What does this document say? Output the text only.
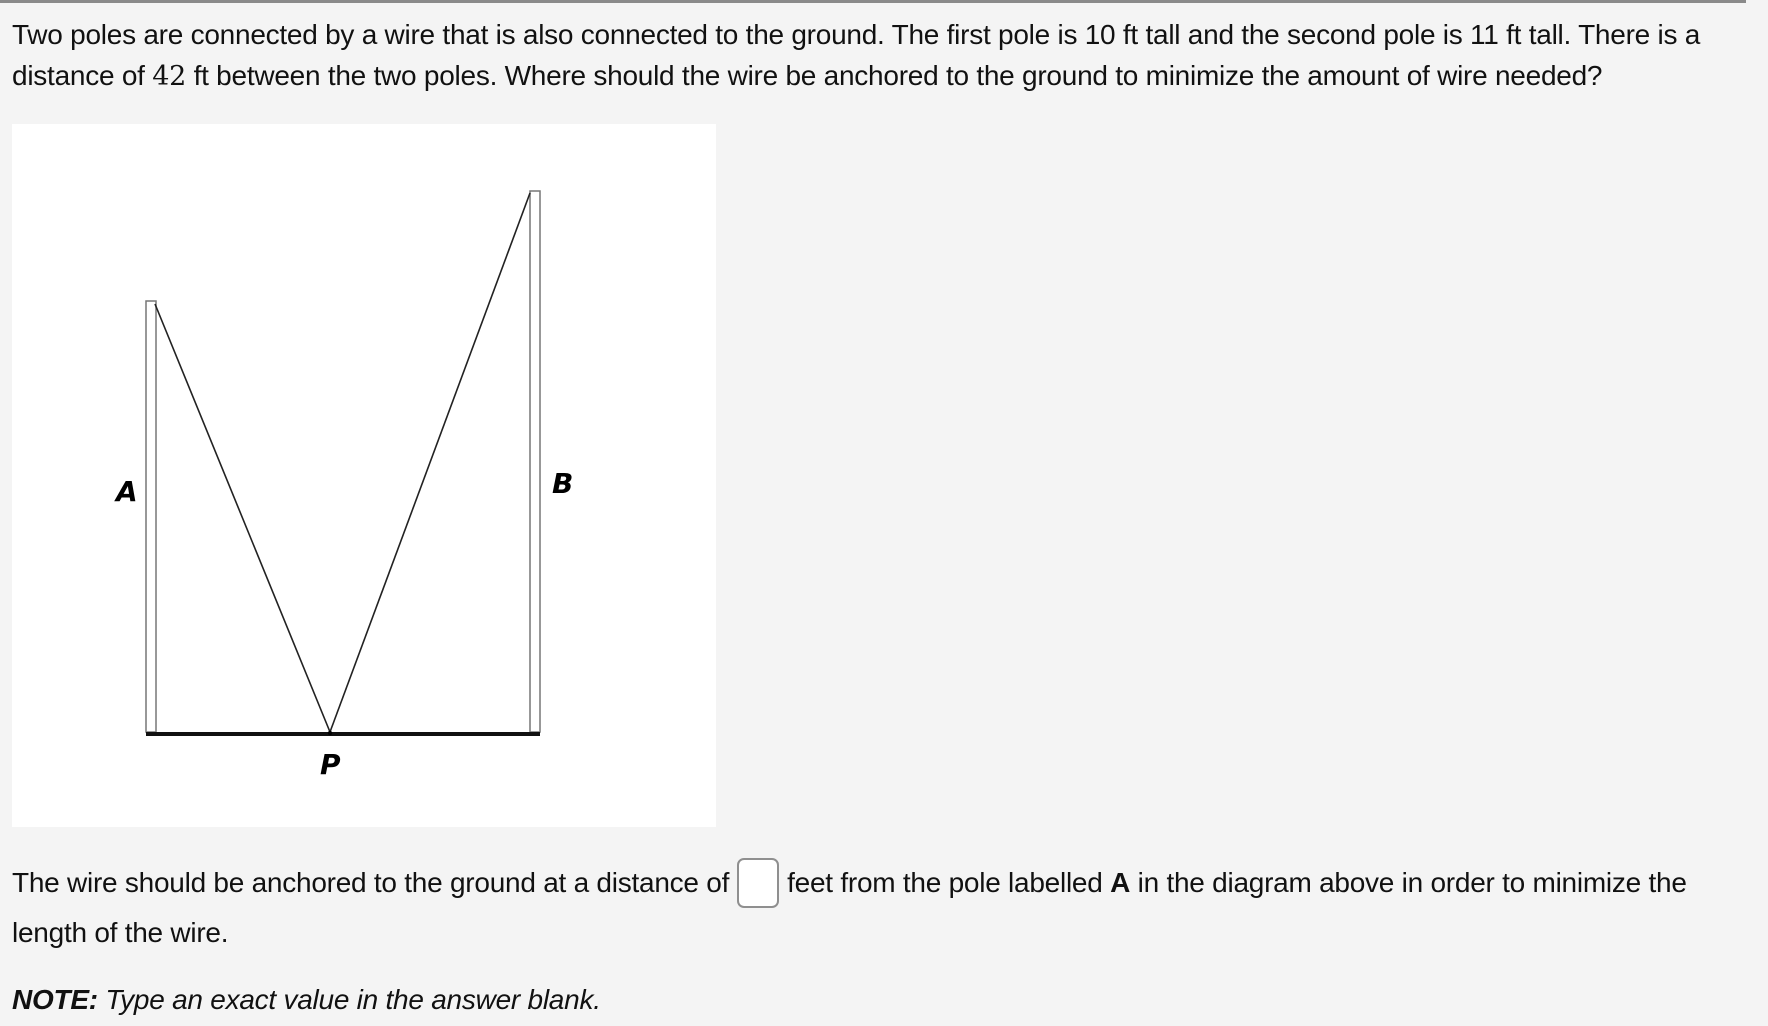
Two poles are connected by a wire that is also connected to the ground. The first pole is 10 ft tall and the second pole is 11 ft tall. There is a distance of 42 ft between the two poles. Where should the wire be anchored to the ground to minimize the amount of wire needed?
A	B
P
The wire should be anchored to the ground at a distance of feet from the pole labelled A in the diagram above in order to minimize the length of the wire.
NOTE: Type an exact value in the answer blank.
